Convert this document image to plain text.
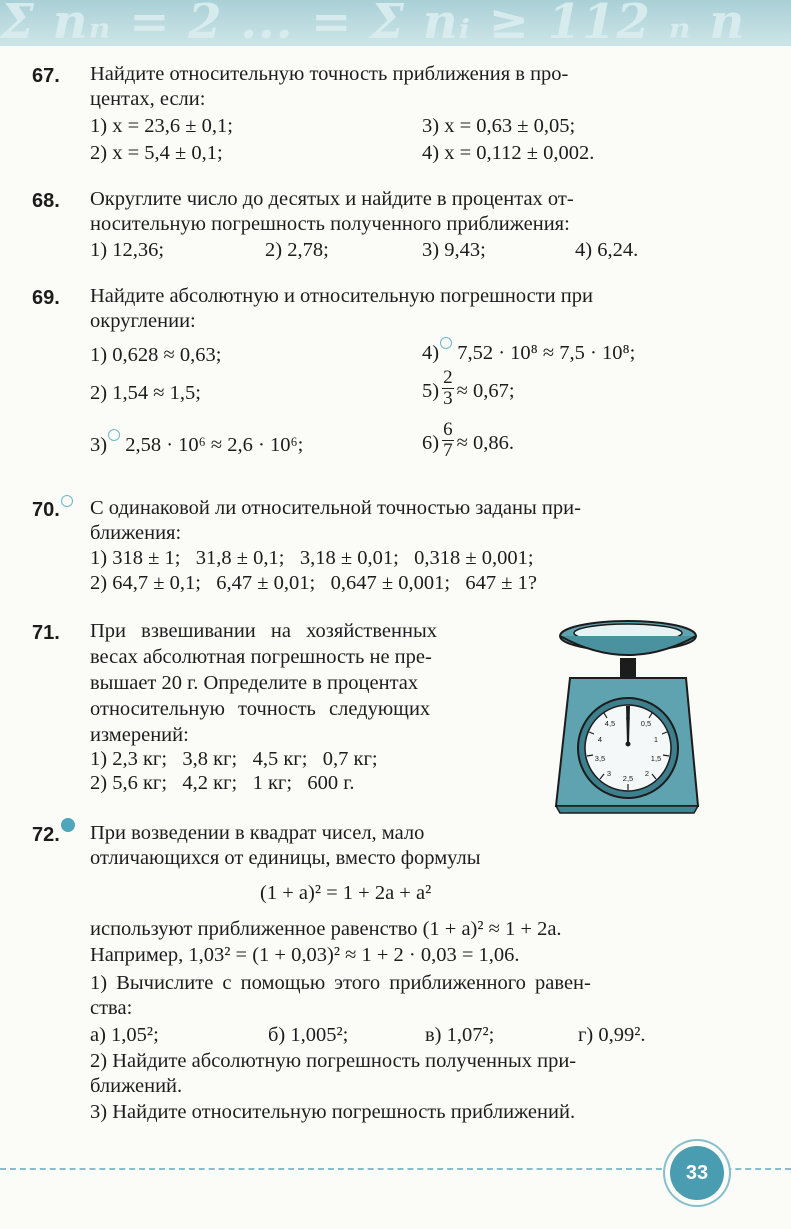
Σ nₙ = 2 ... = Σ nᵢ ≥ 112 ₙ n
67. Найдите относительную точность приближения в про-
центах, если:
1) x = 23,6 ± 0,1;	3) x = 0,63 ± 0,05;
2) x = 5,4 ± 0,1;	4) x = 0,112 ± 0,002.
68. Округлите число до десятых и найдите в процентах от-
носительную погрешность полученного приближения:
1) 12,36;	2) 2,78;	3) 9,43;	4) 6,24.
69. Найдите абсолютную и относительную погрешности при
округлении:
1) 0,628 ≈ 0,63;	4) 7,52 · 10⁸ ≈ 7,5 · 10⁸;
2) 1,54 ≈ 1,5;	$5) \frac{2}{3} \approx 0,67$;
3) 2,58 · 10⁶ ≈ 2,6 · 10⁶;	$6) \frac{6}{7} \approx 0,86$.
70.	С одинаковой ли относительной точностью заданы при-
ближения:
1) 318 ± 1;   31,8 ± 0,1;   3,18 ± 0,01;   0,318 ± 0,001;
2) 64,7 ± 0,1;   6,47 ± 0,01;   0,647 ± 0,001;   647 ± 1?
71. При взвешивании на хозяйственных
весах абсолютная погрешность не пре-
вышает 20 г. Определите в процентах
относительную точность следующих
измерений:
1) 2,3 кг;   3,8 кг;   4,5 кг;   0,7 кг;
2) 5,6 кг;   4,2 кг;   1 кг;   600 г.
0,5
1
1,5
2
2,5
3
3,5
4
4,5
72.	При возведении в квадрат чисел, мало
отличающихся от единицы, вместо формулы
(1 + a)² = 1 + 2a + a²
используют приближенное равенство (1 + a)² ≈ 1 + 2a.
Например, 1,03² = (1 + 0,03)² ≈ 1 + 2 · 0,03 = 1,06.
1) Вычислите с помощью этого приближенного равен-
ства:
а) 1,05²;	б) 1,005²;	в) 1,07²;	г) 0,99².
2) Найдите абсолютную погрешность полученных при-
ближений.
3) Найдите относительную погрешность приближений.
33
